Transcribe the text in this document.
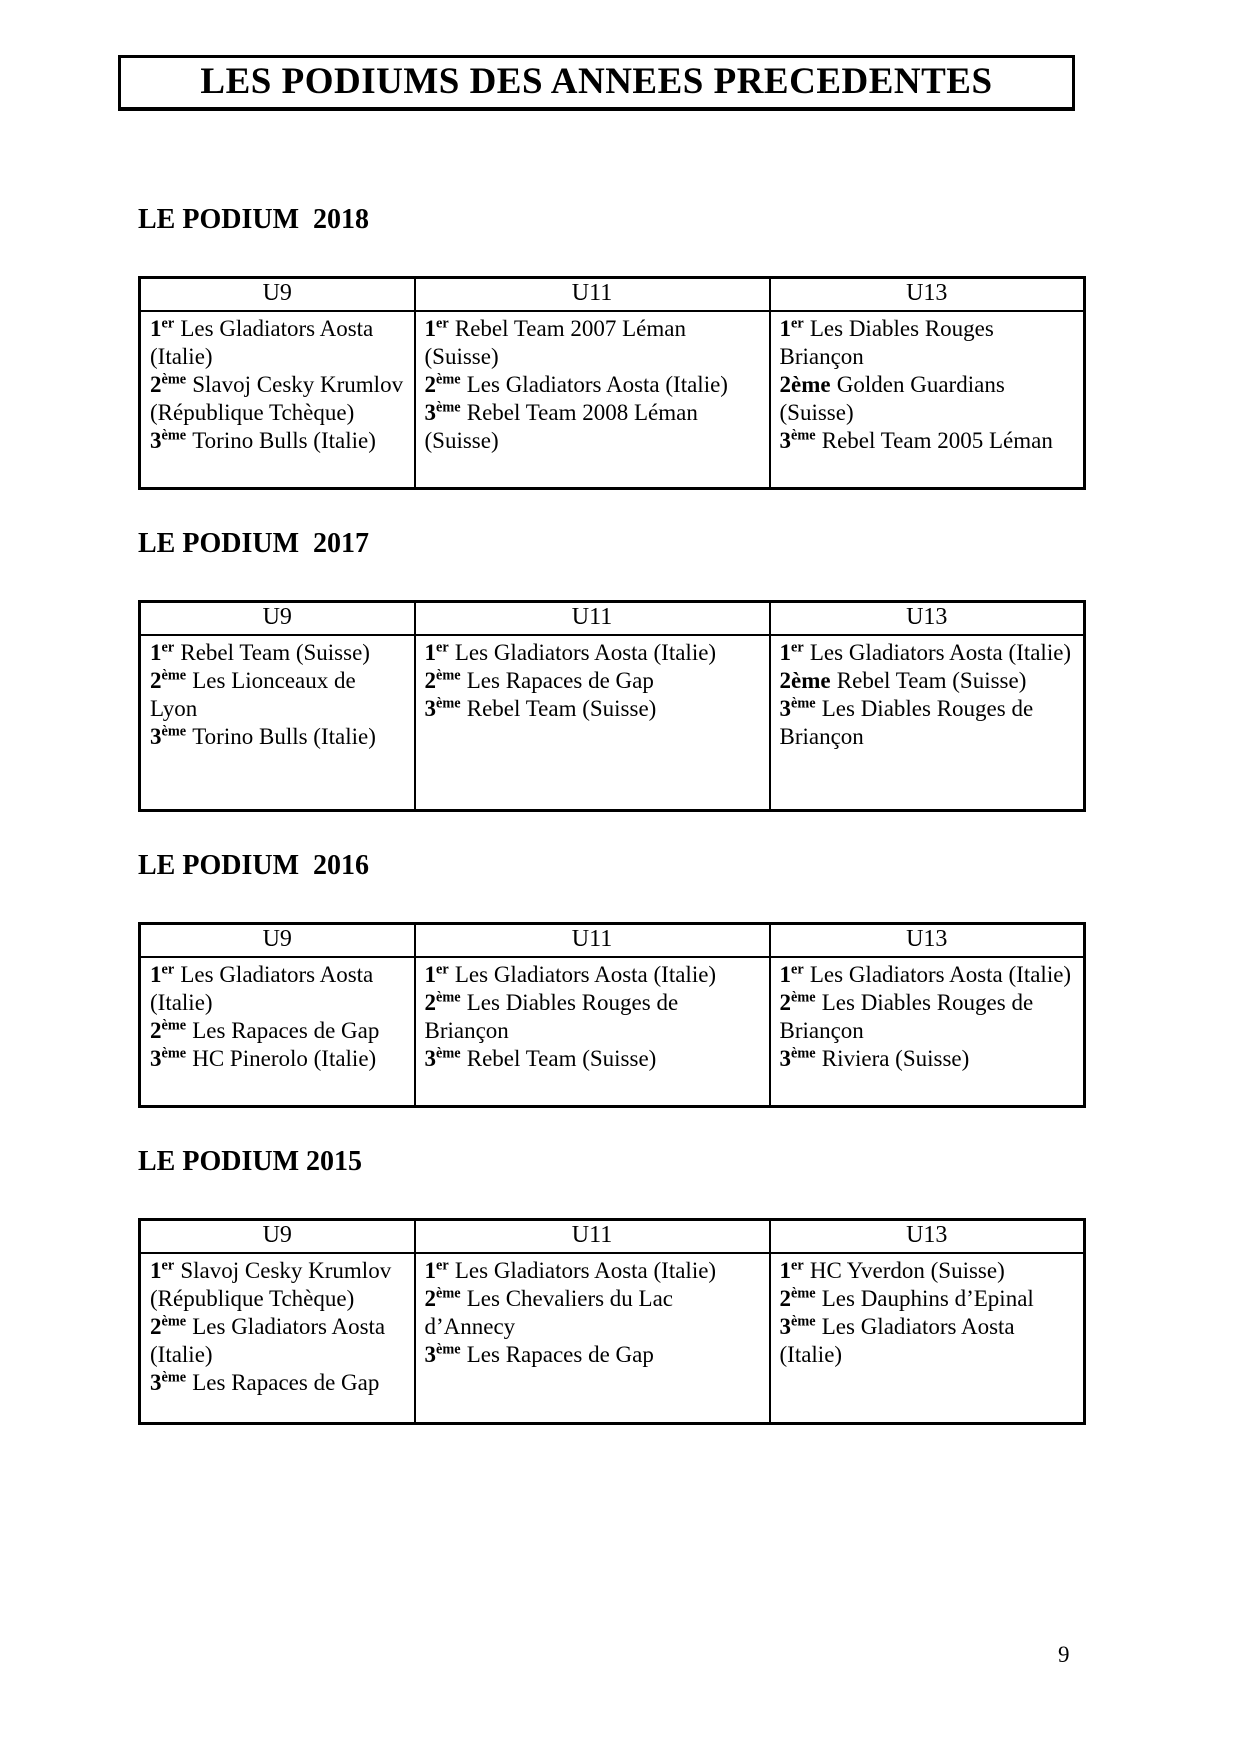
LES PODIUMS DES ANNEES PRECEDENTES
LE PODIUM  2018
U9	U11	U13

1er Les Gladiators Aosta (Italie)
2ème Slavoj Cesky Krumlov (République Tchèque)
3ème Torino Bulls (Italie)

1er Rebel Team 2007 Léman (Suisse)
2ème Les Gladiators Aosta (Italie)
3ème Rebel Team 2008 Léman (Suisse)

1er Les Diables Rouges Briançon
2ème Golden Guardians (Suisse)
3ème Rebel Team 2005 Léman
LE PODIUM  2017
U9	U11	U13

1er Rebel Team (Suisse)
2ème Les Lionceaux de Lyon
3ème Torino Bulls (Italie)

1er Les Gladiators Aosta (Italie)
2ème Les Rapaces de Gap
3ème Rebel Team (Suisse)

1er Les Gladiators Aosta (Italie)
2ème Rebel Team (Suisse)
3ème Les Diables Rouges de Briançon
LE PODIUM  2016
U9	U11	U13

1er Les Gladiators Aosta (Italie)
2ème Les Rapaces de Gap
3ème HC Pinerolo (Italie)

1er Les Gladiators Aosta (Italie)
2ème Les Diables Rouges de Briançon
3ème Rebel Team (Suisse)

1er Les Gladiators Aosta (Italie)
2ème Les Diables Rouges de Briançon
3ème Riviera (Suisse)
LE PODIUM 2015
U9	U11	U13

1er Slavoj Cesky Krumlov (République Tchèque)
2ème Les Gladiators Aosta (Italie)
3ème Les Rapaces de Gap

1er Les Gladiators Aosta (Italie)
2ème Les Chevaliers du Lac d’Annecy
3ème Les Rapaces de Gap

1er HC Yverdon (Suisse)
2ème Les Dauphins d’Epinal
3ème Les Gladiators Aosta (Italie)
9
